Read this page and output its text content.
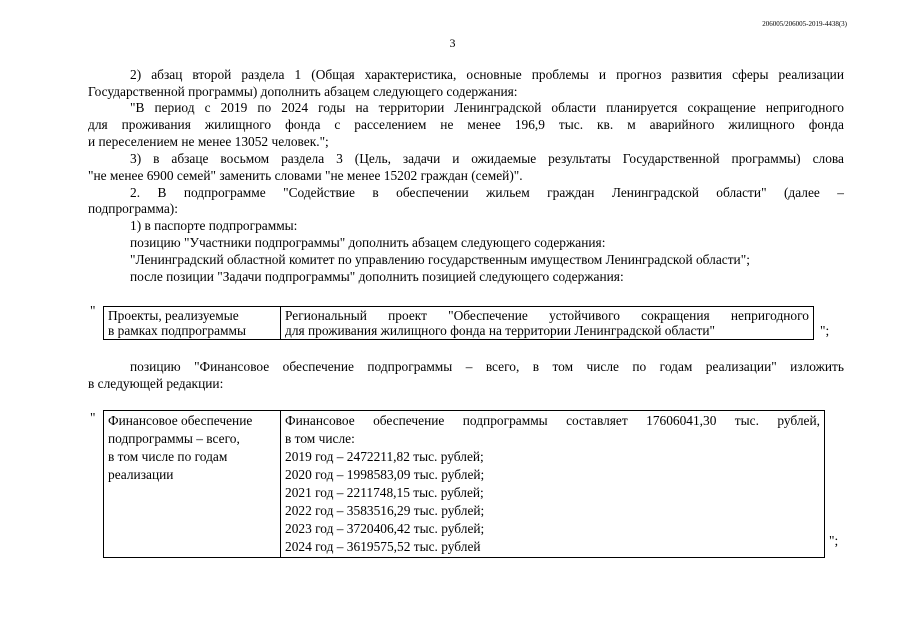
206005/206005-2019-4438(3)
3
2) абзац второй раздела 1 (Общая характеристика, основные проблемы и прогноз развития сферы реализации
Государственной программы) дополнить абзацем следующего содержания:
"В период с 2019 по 2024 годы на территории Ленинградской области планируется сокращение непригодного
для проживания жилищного фонда с расселением не менее 196,9 тыс. кв. м аварийного жилищного фонда
и переселением не менее 13052 человек.";
3) в абзаце восьмом раздела 3 (Цель, задачи и ожидаемые результаты Государственной программы) слова
"не менее 6900 семей" заменить словами "не менее 15202 граждан (семей)".
2. В подпрограмме "Содействие в обеспечении жильем граждан Ленинградской области" (далее –
подпрограмма):
1) в паспорте подпрограммы:
позицию "Участники подпрограммы" дополнить абзацем следующего содержания:
"Ленинградский областной комитет по управлению государственным имуществом Ленинградской области";
после позиции "Задачи подпрограммы" дополнить позицией следующего содержания:
" Проекты, реализуемые
в рамках подпрограммы

Региональный проект "Обеспечение устойчивого сокращения непригодного
для проживания жилищного фонда на территории Ленинградской области"	";
позицию "Финансовое обеспечение подпрограммы – всего, в том числе по годам реализации" изложить
в следующей редакции:
" Финансовое обеспечение
подпрограммы – всего,
в том числе по годам
реализации

Финансовое обеспечение подпрограммы составляет 17606041,30 тыс. рублей,
в том числе:
2019 год – 2472211,82 тыс. рублей;
2020 год – 1998583,09 тыс. рублей;
2021 год – 2211748,15 тыс. рублей;
2022 год – 3583516,29 тыс. рублей;
2023 год – 3720406,42 тыс. рублей;
2024 год – 3619575,52 тыс. рублей	";
